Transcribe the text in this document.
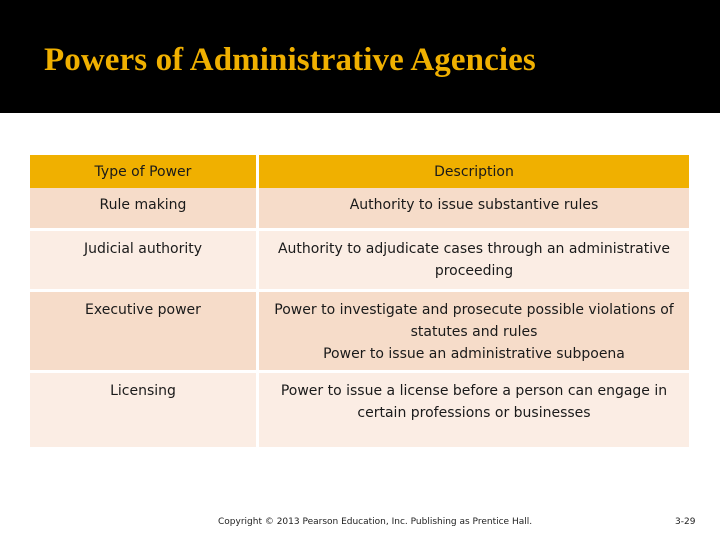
Powers of Administrative Agencies
Type of Power	Description
Rule making	Authority to issue substantive rules

Judicial authority	Authority to adjudicate cases through an administrative proceeding

Executive power	Power to investigate and prosecute possible violations of statutes and rules
Power to issue an administrative subpoena

Licensing	Power to issue a license before a person can engage in certain professions or businesses
Copyright © 2013 Pearson Education, Inc. Publishing as Prentice Hall.	3-29
